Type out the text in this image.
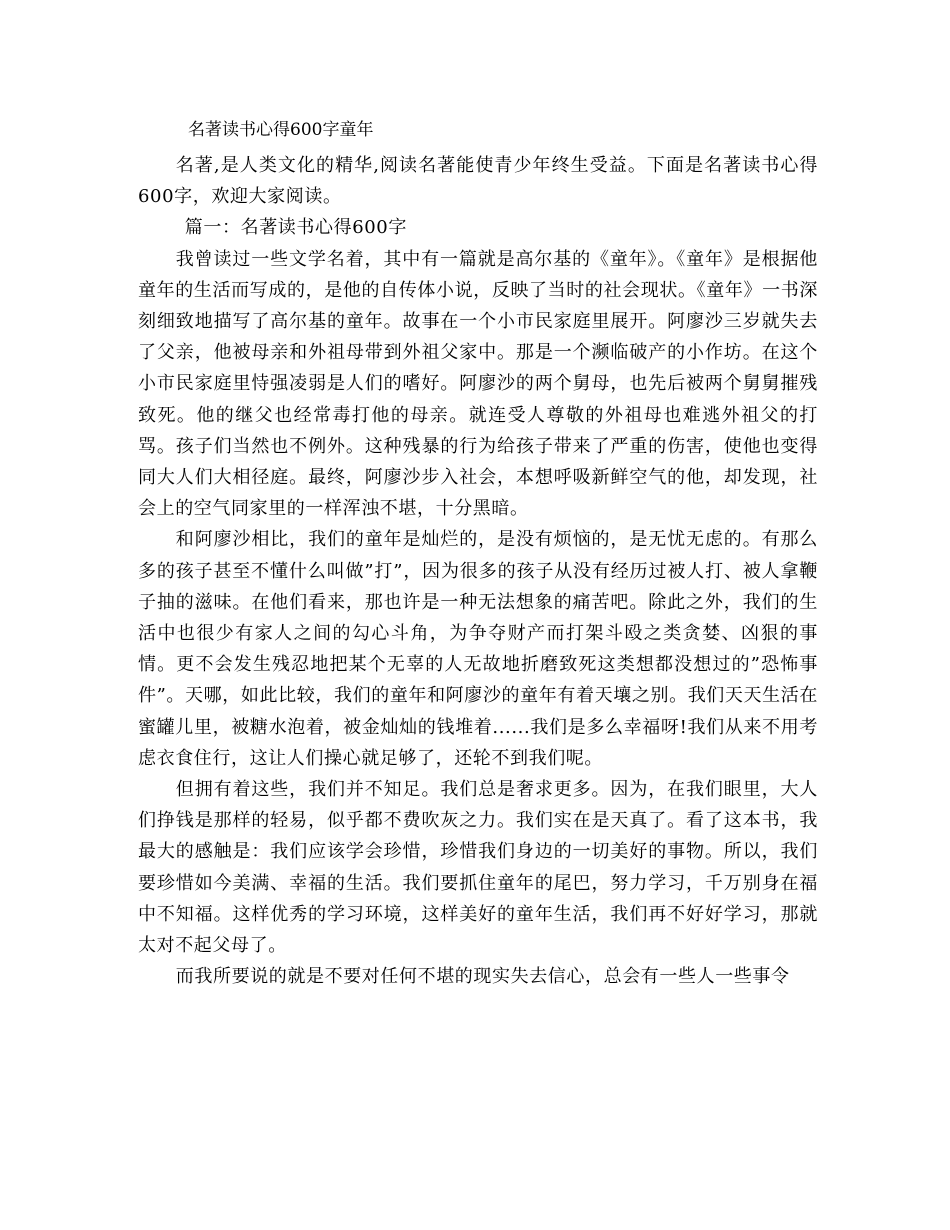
名著读书心得600字童年

名著,是人类文化的精华,阅读名著能使青少年终生受益。下面是名著读书心得600字，欢迎大家阅读。

篇一：名著读书心得600字

我曾读过一些文学名着，其中有一篇就是高尔基的《童年》。《童年》是根据他童年的生活而写成的，是他的自传体小说，反映了当时的社会现状。《童年》一书深刻细致地描写了高尔基的童年。故事在一个小市民家庭里展开。阿廖沙三岁就失去了父亲，他被母亲和外祖母带到外祖父家中。那是一个濒临破产的小作坊。在这个小市民家庭里恃强凌弱是人们的嗜好。阿廖沙的两个舅母，也先后被两个舅舅摧残致死。他的继父也经常毒打他的母亲。就连受人尊敬的外祖母也难逃外祖父的打骂。孩子们当然也不例外。这种残暴的行为给孩子带来了严重的伤害，使他也变得同大人们大相径庭。最终，阿廖沙步入社会，本想呼吸新鲜空气的他，却发现，社会上的空气同家里的一样浑浊不堪，十分黑暗。

和阿廖沙相比，我们的童年是灿烂的，是没有烦恼的，是无忧无虑的。有那么多的孩子甚至不懂什么叫做”打”，因为很多的孩子从没有经历过被人打、被人拿鞭子抽的滋味。在他们看来，那也许是一种无法想象的痛苦吧。除此之外，我们的生活中也很少有家人之间的勾心斗角，为争夺财产而打架斗殴之类贪婪、凶狠的事情。更不会发生残忍地把某个无辜的人无故地折磨致死这类想都没想过的”恐怖事件”。天哪，如此比较，我们的童年和阿廖沙的童年有着天壤之别。我们天天生活在蜜罐儿里，被糖水泡着，被金灿灿的钱堆着......我们是多么幸福呀!我们从来不用考虑衣食住行，这让人们操心就足够了，还轮不到我们呢。

但拥有着这些，我们并不知足。我们总是奢求更多。因为，在我们眼里，大人们挣钱是那样的轻易，似乎都不费吹灰之力。我们实在是天真了。看了这本书，我最大的感触是：我们应该学会珍惜，珍惜我们身边的一切美好的事物。所以，我们要珍惜如今美满、幸福的生活。我们要抓住童年的尾巴，努力学习，千万别身在福中不知福。这样优秀的学习环境，这样美好的童年生活，我们再不好好学习，那就太对不起父母了。

而我所要说的就是不要对任何不堪的现实失去信心，总会有一些人一些事令
